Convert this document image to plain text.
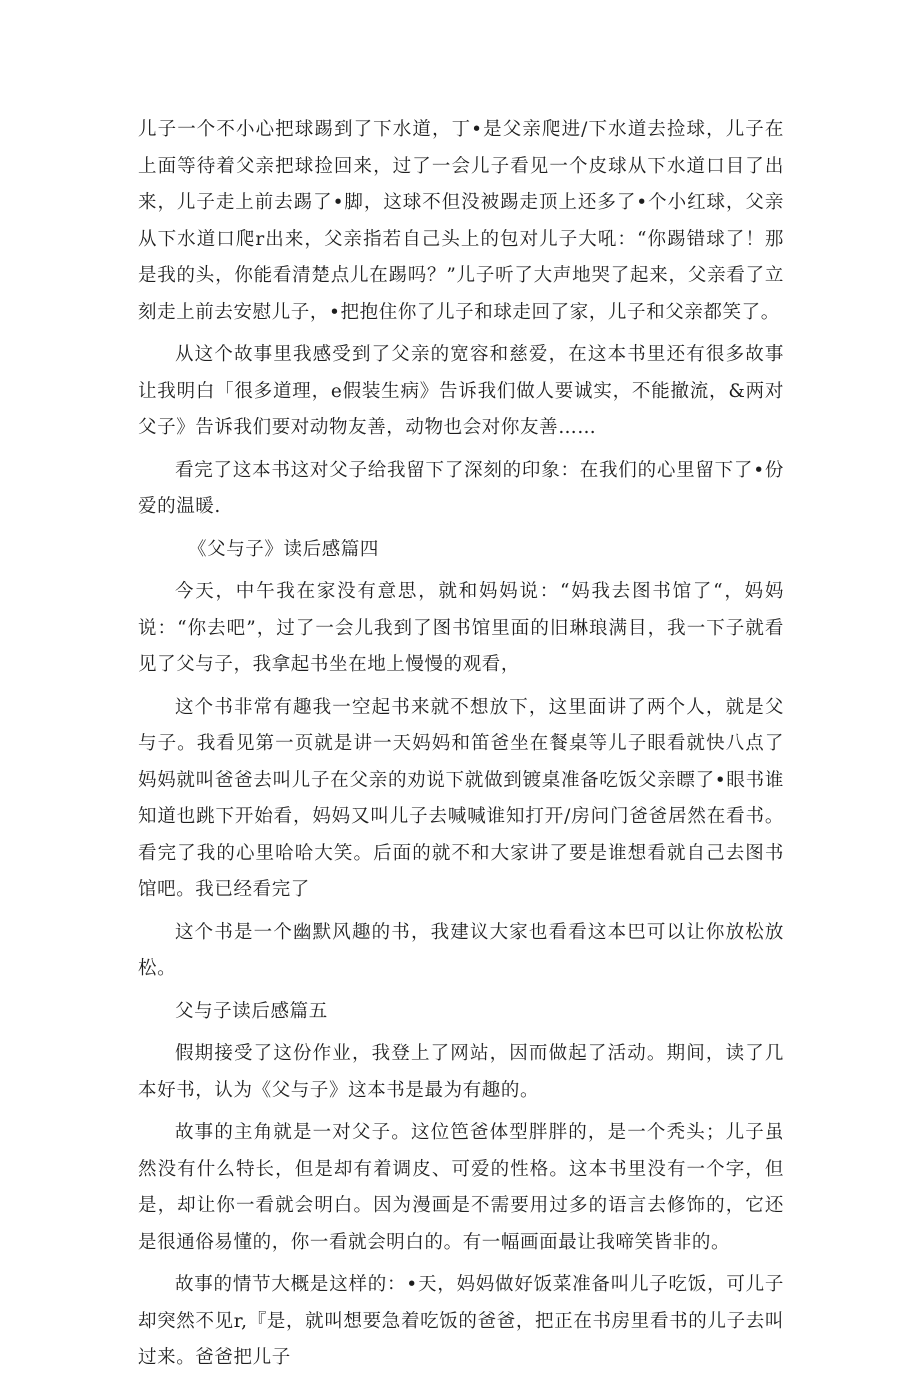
儿子一个不小心把球踢到了下水道，丁•是父亲爬进/下水道去捡球，儿子在上面等待着父亲把球捡回来，过了一会儿子看见一个皮球从下水道口目了出来，儿子走上前去踢了•脚，这球不但没被踢走顶上还多了•个小红球，父亲从下水道口爬r出来，父亲指若自己头上的包对儿子大吼：“你踢错球了！那是我的头，你能看清楚点儿在踢吗？”儿子听了大声地哭了起来，父亲看了立刻走上前去安慰儿子，•把抱住你了儿子和球走回了家，儿子和父亲都笑了。

从这个故事里我感受到了父亲的宽容和慈爱，在这本书里还有很多故事让我明白「很多道理，e假装生病》告诉我们做人要诚实，不能撤流，&两对父子》告诉我们要对动物友善，动物也会对你友善……

看完了这本书这对父子给我留下了深刻的印象：在我们的心里留下了•份爱的温暖.

《父与子》读后感篇四

今天，中午我在家没有意思，就和妈妈说：“妈我去图书馆了“，妈妈说：“你去吧”，过了一会儿我到了图书馆里面的旧琳琅满目，我一下子就看见了父与子，我拿起书坐在地上慢慢的观看，

这个书非常有趣我一空起书来就不想放下，这里面讲了两个人，就是父与子。我看见第一页就是讲一天妈妈和笛爸坐在餐桌等儿子眼看就快八点了妈妈就叫爸爸去叫儿子在父亲的劝说下就做到镀桌准备吃饭父亲瞟了•眼书谁知道也跳下开始看，妈妈又叫儿子去喊喊谁知打开/房问门爸爸居然在看书。看完了我的心里哈哈大笑。后面的就不和大家讲了要是谁想看就自己去图书馆吧。我已经看完了

这个书是一个幽默风趣的书，我建议大家也看看这本巴可以让你放松放松。

父与子读后感篇五

假期接受了这份作业，我登上了网站，因而做起了活动。期间，读了几本好书，认为《父与子》这本书是最为有趣的。

故事的主角就是一对父子。这位笆爸体型胖胖的，是一个秃头；儿子虽然没有什么特长，但是却有着调皮、可爱的性格。这本书里没有一个字，但是，却让你一看就会明白。因为漫画是不需要用过多的语言去修饰的，它还是很通俗易懂的，你一看就会明白的。有一幅画面最让我啼笑皆非的。

故事的情节大概是这样的：•天，妈妈做好饭菜准备叫儿子吃饭，可儿子却突然不见r,『是，就叫想要急着吃饭的爸爸，把正在书房里看书的儿子去叫过来。爸爸把儿子
